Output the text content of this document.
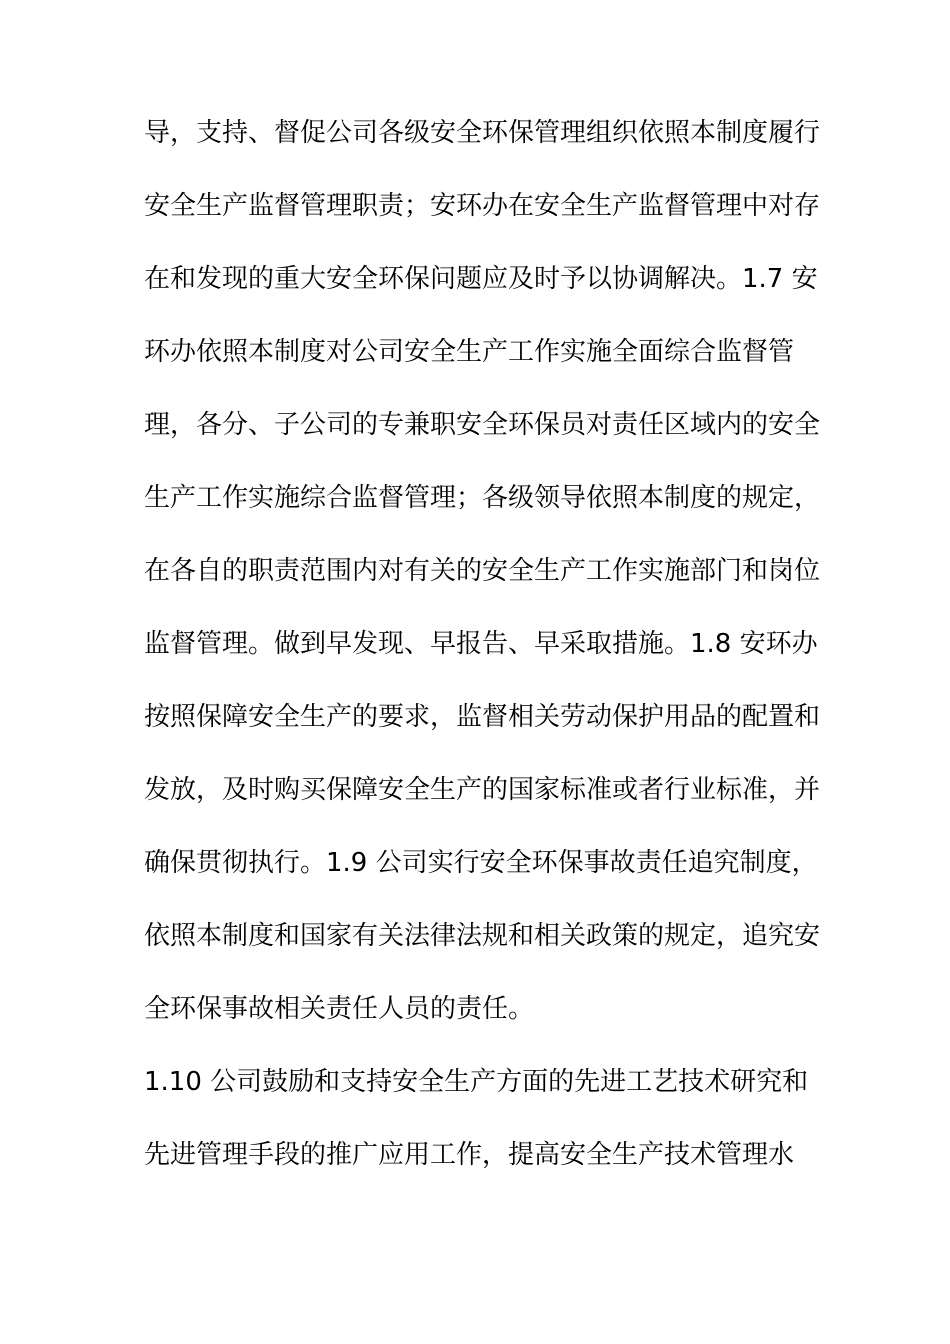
导，支持、督促公司各级安全环保管理组织依照本制度履行
安全生产监督管理职责；安环办在安全生产监督管理中对存
在和发现的重大安全环保问题应及时予以协调解决。1.7 安
环办依照本制度对公司安全生产工作实施全面综合监督管
理，各分、子公司的专兼职安全环保员对责任区域内的安全
生产工作实施综合监督管理；各级领导依照本制度的规定，
在各自的职责范围内对有关的安全生产工作实施部门和岗位
监督管理。做到早发现、早报告、早采取措施。1.8 安环办
按照保障安全生产的要求，监督相关劳动保护用品的配置和
发放，及时购买保障安全生产的国家标准或者行业标准，并
确保贯彻执行。1.9 公司实行安全环保事故责任追究制度，
依照本制度和国家有关法律法规和相关政策的规定，追究安
全环保事故相关责任人员的责任。
1.10 公司鼓励和支持安全生产方面的先进工艺技术研究和
先进管理手段的推广应用工作，提高安全生产技术管理水
